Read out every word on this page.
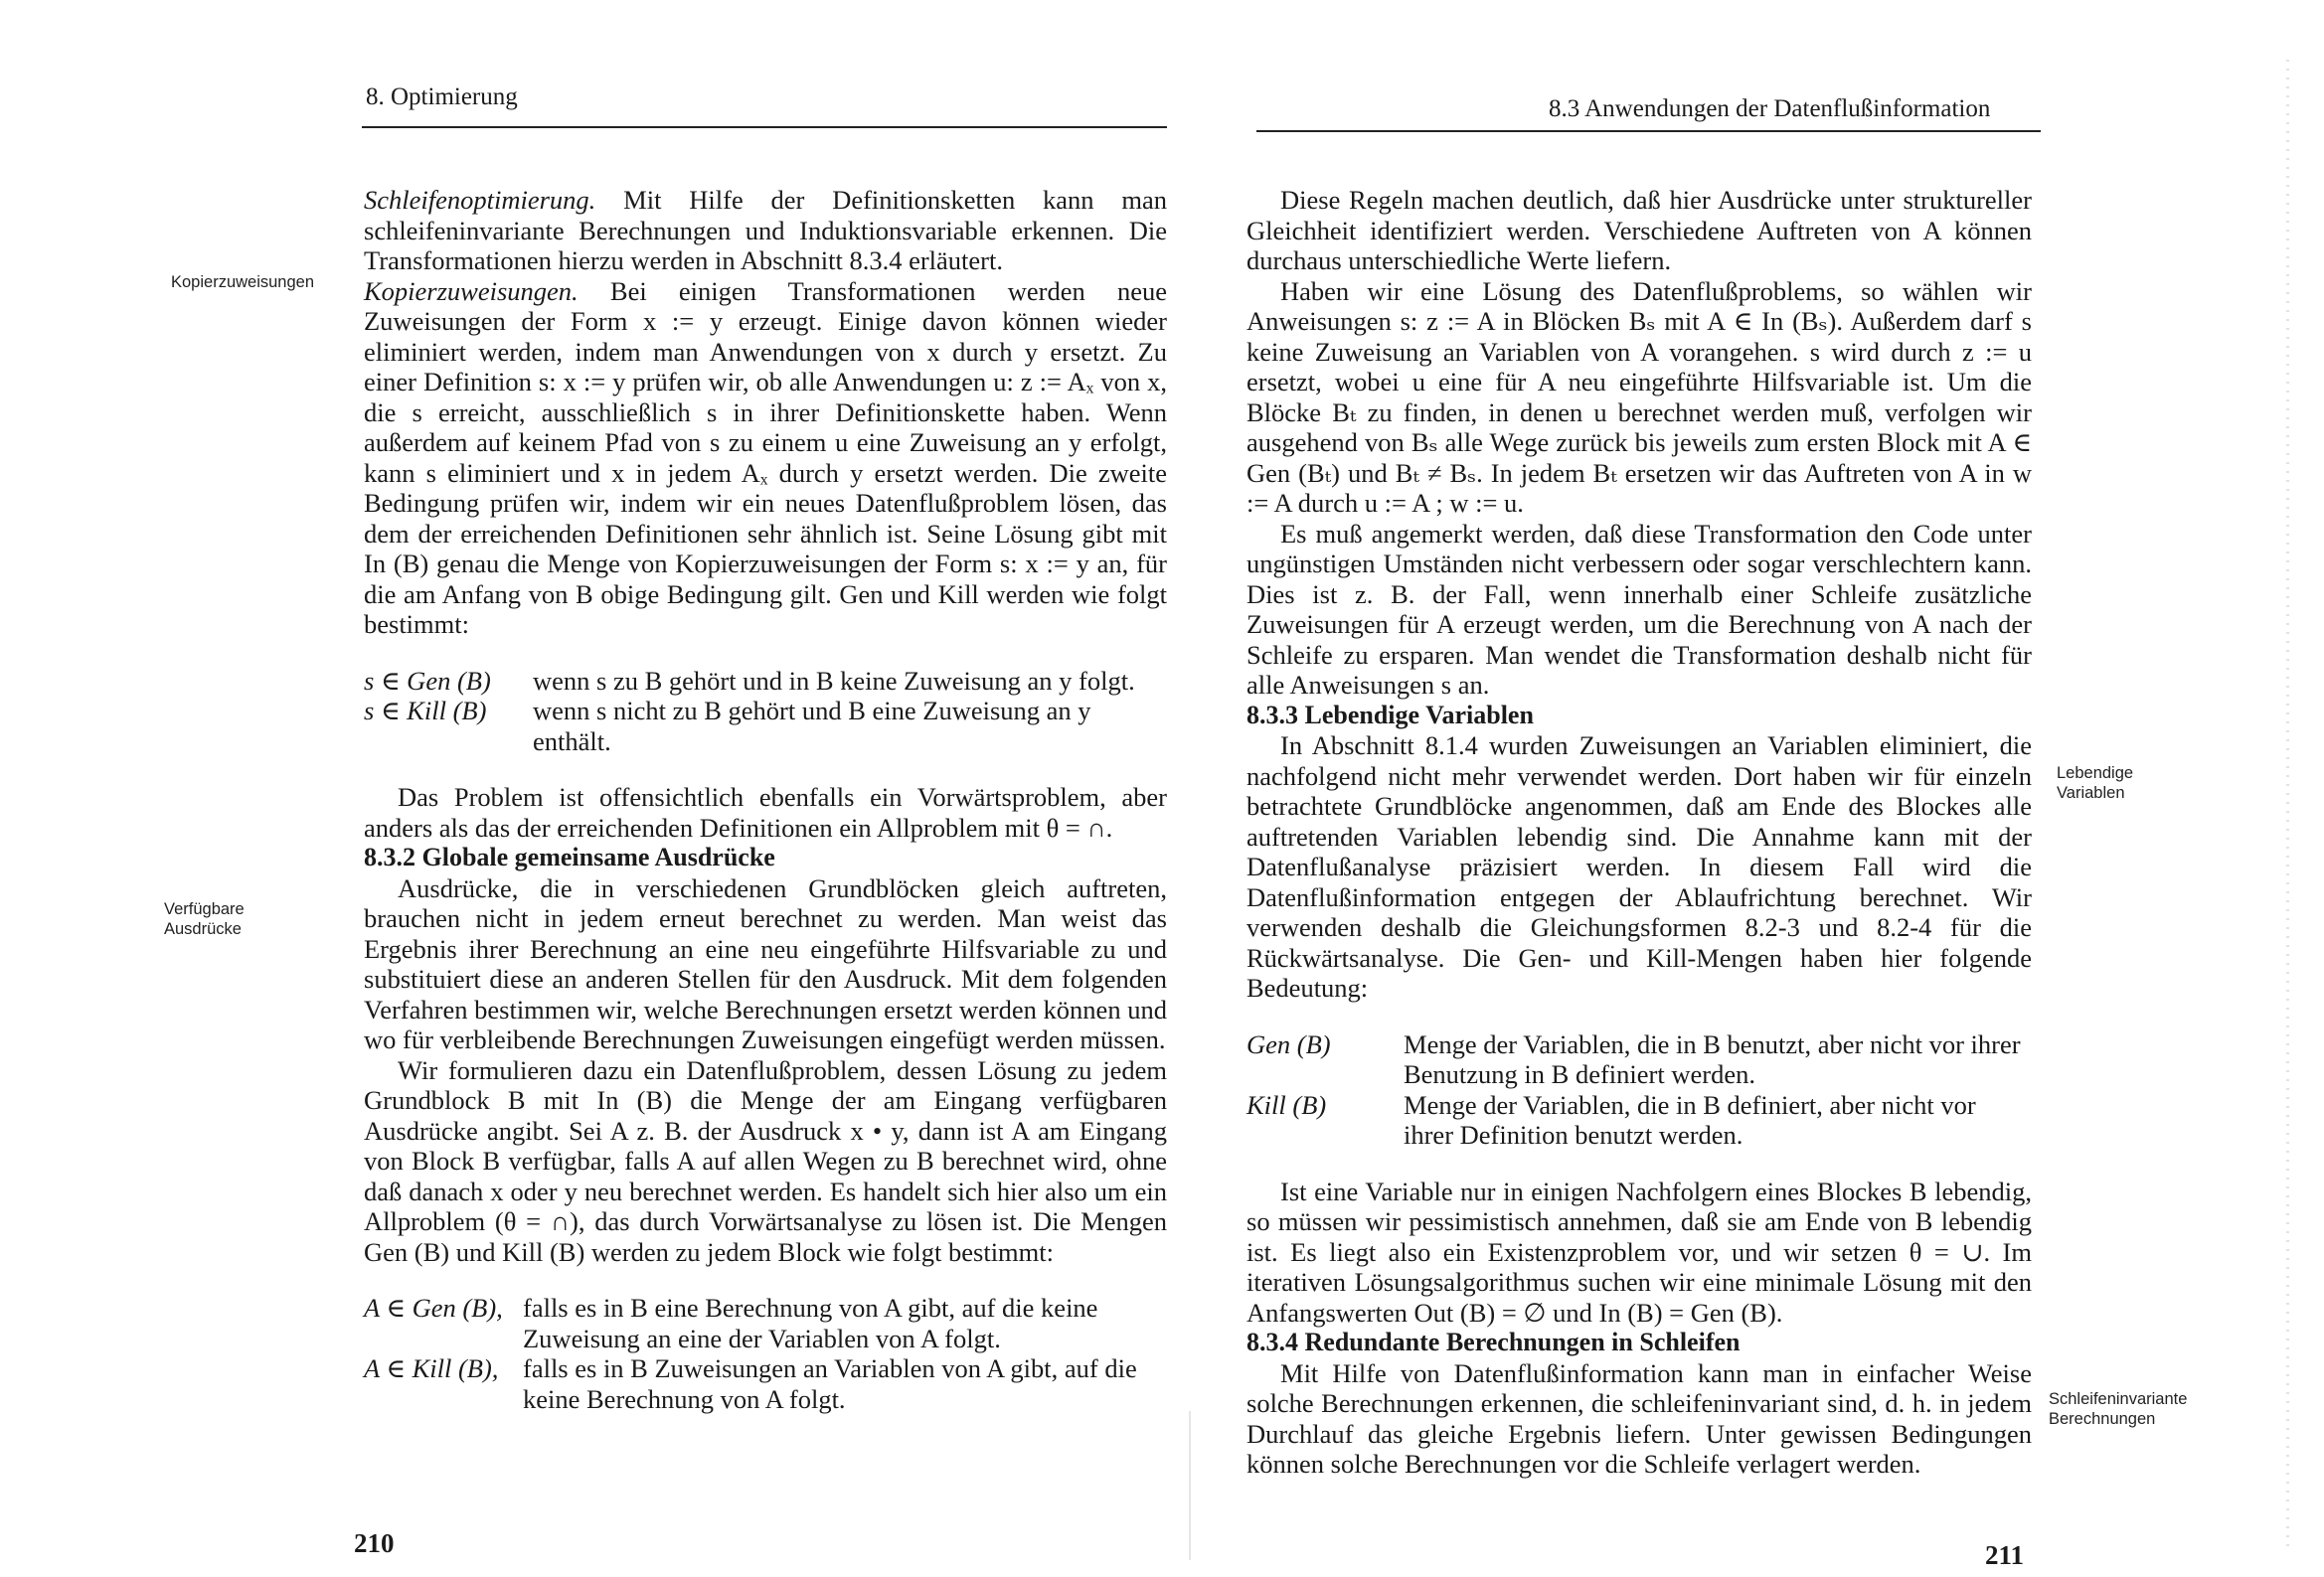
8. Optimierung
Kopierzuweisungen
Verfügbare
Ausdrücke

Schleifenoptimierung. Mit Hilfe der Definitionsketten kann man schleifeninvariante Berechnungen und Induktionsvariable erkennen. Die Transformationen hierzu werden in Abschnitt 8.3.4 erläutert.

Kopierzuweisungen. Bei einigen Transformationen werden neue Zuweisungen der Form x := y erzeugt. Einige davon können wieder eliminiert werden, indem man Anwendungen von x durch y ersetzt. Zu einer Definition s: x := y prüfen wir, ob alle Anwendungen u: z := Aₓ von x, die s erreicht, ausschließlich s in ihrer Definitionskette haben. Wenn außerdem auf keinem Pfad von s zu einem u eine Zuweisung an y erfolgt, kann s eliminiert und x in jedem Aₓ durch y ersetzt werden. Die zweite Bedingung prüfen wir, indem wir ein neues Datenflußproblem lösen, das dem der erreichenden Definitionen sehr ähnlich ist. Seine Lösung gibt mit In (B) genau die Menge von Kopierzuweisungen der Form s: x := y an, für die am Anfang von B obige Bedingung gilt. Gen und Kill werden wie folgt bestimmt:

s ∈ Gen (B)	wenn s zu B gehört und in B keine Zuweisung an y folgt.
s ∈ Kill (B)	wenn s nicht zu B gehört und B eine Zuweisung an y enthält.

Das Problem ist offensichtlich ebenfalls ein Vorwärtsproblem, aber anders als das der erreichenden Definitionen ein Allproblem mit θ = ∩.

8.3.2 Globale gemeinsame Ausdrücke

Ausdrücke, die in verschiedenen Grundblöcken gleich auftreten, brauchen nicht in jedem erneut berechnet zu werden. Man weist das Ergebnis ihrer Berechnung an eine neu eingeführte Hilfsvariable zu und substituiert diese an anderen Stellen für den Ausdruck. Mit dem folgenden Verfahren bestimmen wir, welche Berechnungen ersetzt werden können und wo für verbleibende Berechnungen Zuweisungen eingefügt werden müssen.

Wir formulieren dazu ein Datenflußproblem, dessen Lösung zu jedem Grundblock B mit In (B) die Menge der am Eingang verfügbaren Ausdrücke angibt. Sei A z. B. der Ausdruck x • y, dann ist A am Eingang von Block B verfügbar, falls A auf allen Wegen zu B berechnet wird, ohne daß danach x oder y neu berechnet werden. Es handelt sich hier also um ein Allproblem (θ = ∩), das durch Vorwärtsanalyse zu lösen ist. Die Mengen Gen (B) und Kill (B) werden zu jedem Block wie folgt bestimmt:

A ∈ Gen (B), falls es in B eine Berechnung von A gibt, auf die keine Zuweisung an eine der Variablen von A folgt.
A ∈ Kill (B), falls es in B Zuweisungen an Variablen von A gibt, auf die keine Berechnung von A folgt.
210
8.3 Anwendungen der Datenflußinformation
Lebendige
Variablen
Schleifeninvariante
Berechnungen

Diese Regeln machen deutlich, daß hier Ausdrücke unter struktureller Gleichheit identifiziert werden. Verschiedene Auftreten von A können durchaus unterschiedliche Werte liefern.

Haben wir eine Lösung des Datenflußproblems, so wählen wir Anweisungen s: z := A in Blöcken Bₛ mit A ∈ In (Bₛ). Außerdem darf s keine Zuweisung an Variablen von A vorangehen. s wird durch z := u ersetzt, wobei u eine für A neu eingeführte Hilfsvariable ist. Um die Blöcke Bₜ zu finden, in denen u berechnet werden muß, verfolgen wir ausgehend von Bₛ alle Wege zurück bis jeweils zum ersten Block mit A ∈ Gen (Bₜ) und Bₜ ≠ Bₛ. In jedem Bₜ ersetzen wir das Auftreten von A in w := A durch u := A ; w := u.

Es muß angemerkt werden, daß diese Transformation den Code unter ungünstigen Umständen nicht verbessern oder sogar verschlechtern kann. Dies ist z. B. der Fall, wenn innerhalb einer Schleife zusätzliche Zuweisungen für A erzeugt werden, um die Berechnung von A nach der Schleife zu ersparen. Man wendet die Transformation deshalb nicht für alle Anweisungen s an.

8.3.3 Lebendige Variablen

In Abschnitt 8.1.4 wurden Zuweisungen an Variablen eliminiert, die nachfolgend nicht mehr verwendet werden. Dort haben wir für einzeln betrachtete Grundblöcke angenommen, daß am Ende des Blockes alle auftretenden Variablen lebendig sind. Die Annahme kann mit der Datenflußanalyse präzisiert werden. In diesem Fall wird die Datenflußinformation entgegen der Ablaufrichtung berechnet. Wir verwenden deshalb die Gleichungsformen 8.2-3 und 8.2-4 für die Rückwärtsanalyse. Die Gen- und Kill-Mengen haben hier folgende Bedeutung:

Gen (B)	Menge der Variablen, die in B benutzt, aber nicht vor ihrer Benutzung in B definiert werden.
Kill (B)	Menge der Variablen, die in B definiert, aber nicht vor ihrer Definition benutzt werden.

Ist eine Variable nur in einigen Nachfolgern eines Blockes B lebendig, so müssen wir pessimistisch annehmen, daß sie am Ende von B lebendig ist. Es liegt also ein Existenzproblem vor, und wir setzen θ = ∪. Im iterativen Lösungsalgorithmus suchen wir eine minimale Lösung mit den Anfangswerten Out (B) = ∅ und In (B) = Gen (B).

8.3.4 Redundante Berechnungen in Schleifen

Mit Hilfe von Datenflußinformation kann man in einfacher Weise solche Berechnungen erkennen, die schleifeninvariant sind, d. h. in jedem Durchlauf das gleiche Ergebnis liefern. Unter gewissen Bedingungen können solche Berechnungen vor die Schleife verlagert werden.

211
